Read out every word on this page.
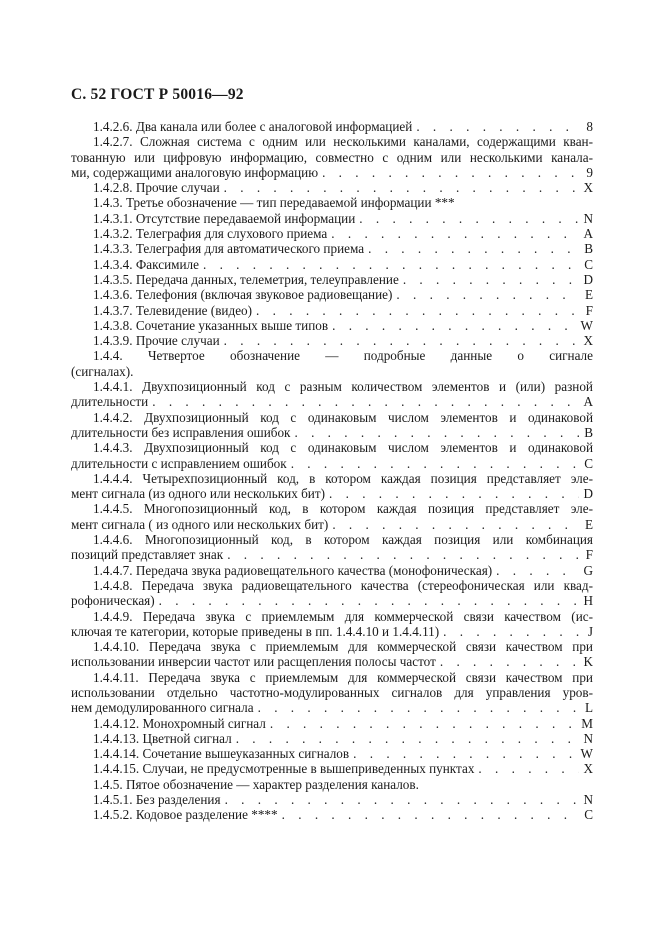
С. 52 ГОСТ Р 50016—92
1.4.2.6. Два канала или более с аналоговой информацией . . .	8
1.4.2.7. Сложная система с одним или несколькими каналами, содержащими кван-
тованную или цифровую информацию, совместно с одним или несколькими канала-
ми, содержащими аналоговую информацию . . .	9
1.4.2.8. Прочие случаи . . .	X
1.4.3. Третье обозначение — тип передаваемой информации ***
1.4.3.1. Отсутствие передаваемой информации . . .	N
1.4.3.2. Телеграфия для слухового приема . . .	A
1.4.3.3. Телеграфия для автоматического приема . . .	B
1.4.3.4. Факсимиле . . .	C
1.4.3.5. Передача данных, телеметрия, телеуправление . . .	D
1.4.3.6. Телефония (включая звуковое радиовещание) . . .	E
1.4.3.7. Телевидение (видео) . . .	F
1.4.3.8. Сочетание указанных выше типов . . .	W
1.4.3.9. Прочие случаи . . .	X
1.4.4. Четвертое обозначение — подробные данные о сигнале
(сигналах).
1.4.4.1. Двухпозиционный код с разным количеством элементов и (или) разной
длительности . . .	A
1.4.4.2. Двухпозиционный код с одинаковым числом элементов и одинаковой
длительности без исправления ошибок . . .	B
1.4.4.3. Двухпозиционный код с одинаковым числом элементов и одинаковой
длительности с исправлением ошибок . . .	C
1.4.4.4. Четырехпозиционный код, в котором каждая позиция представляет эле-
мент сигнала (из одного или нескольких бит) . . .	D
1.4.4.5. Многопозиционный код, в котором каждая позиция представляет эле-
мент сигнала ( из одного или нескольких бит) . . .	E
1.4.4.6. Многопозиционный код, в котором каждая позиция или комбинация
позиций представляет знак . . .	F
1.4.4.7. Передача звука радиовещательного качества (монофоническая) . . .	G
1.4.4.8. Передача звука радиовещательного качества (стереофоническая или квад-
рофоническая) . . .	H
1.4.4.9. Передача звука с приемлемым для коммерческой связи качеством (ис-
ключая те категории, которые приведены в пп. 1.4.4.10 и 1.4.4.11) . . .	J
1.4.4.10. Передача звука с приемлемым для коммерческой связи качеством при
использовании инверсии частот или расщепления полосы частот . . .	K
1.4.4.11. Передача звука с приемлемым для коммерческой связи качеством при
использовании отдельно частотно-модулированных сигналов для управления уров-
нем демодулированного сигнала . . .	L
1.4.4.12. Монохромный сигнал . . .	M
1.4.4.13. Цветной сигнал . . .	N
1.4.4.14. Сочетание вышеуказанных сигналов . . .	W
1.4.4.15. Случаи, не предусмотренные в вышеприведенных пунктах . . .	X
1.4.5. Пятое обозначение — характер разделения каналов.
1.4.5.1. Без разделения . . .	N
1.4.5.2. Кодовое разделение **** . . .	C
